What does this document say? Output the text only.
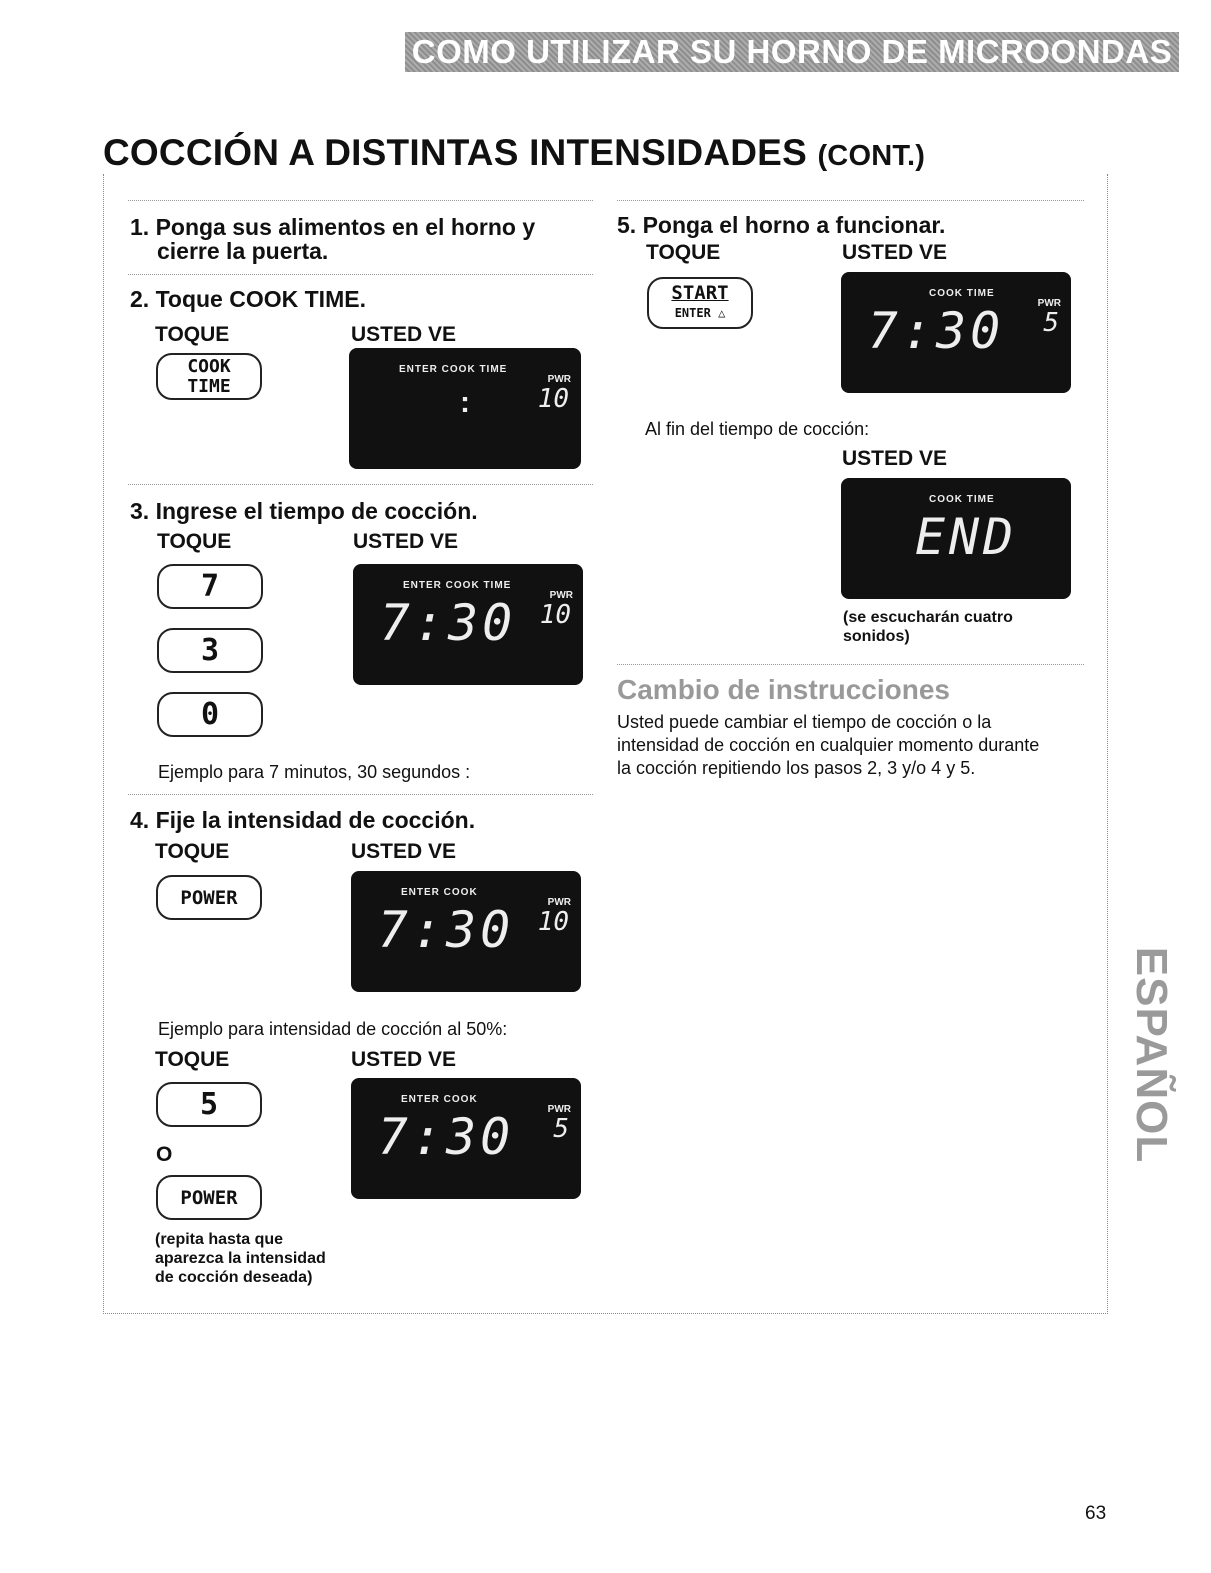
COMO UTILIZAR SU HORNO DE MICROONDAS
COCCIÓN A DISTINTAS INTENSIDADES (CONT.)
1. Ponga sus alimentos en el horno y
cierre la puerta.
2. Toque COOK TIME.
TOQUE	USTED VE
COOK
TIME
ENTER COOK TIME
PWR
:	10
3. Ingrese el tiempo de cocción.
TOQUE	USTED VE
7
3
0
ENTER COOK TIME
PWR
7:30 10
Ejemplo para 7 minutos, 30 segundos :
4. Fije la intensidad de cocción.
TOQUE	USTED VE
POWER	ENTER COOK
PWR
7:30 10
Ejemplo para intensidad de cocción al 50%:
TOQUE	USTED VE
5
O
POWER
ENTER COOK
PWR
7:30	5
(repita hasta que
aparezca la intensidad
de cocción deseada)
5. Ponga el horno a funcionar.
TOQUE	USTED VE
START
ENTER △
COOK TIME
PWR
7:30	5
Al fin del tiempo de cocción:
USTED VE
COOK TIME
END
(se escucharán cuatro
sonidos)
Cambio de instrucciones
Usted puede cambiar el tiempo de cocción o la
intensidad de cocción en cualquier momento durante
la cocción repitiendo los pasos 2, 3 y/o 4 y 5.
ESPAÑOL
63
